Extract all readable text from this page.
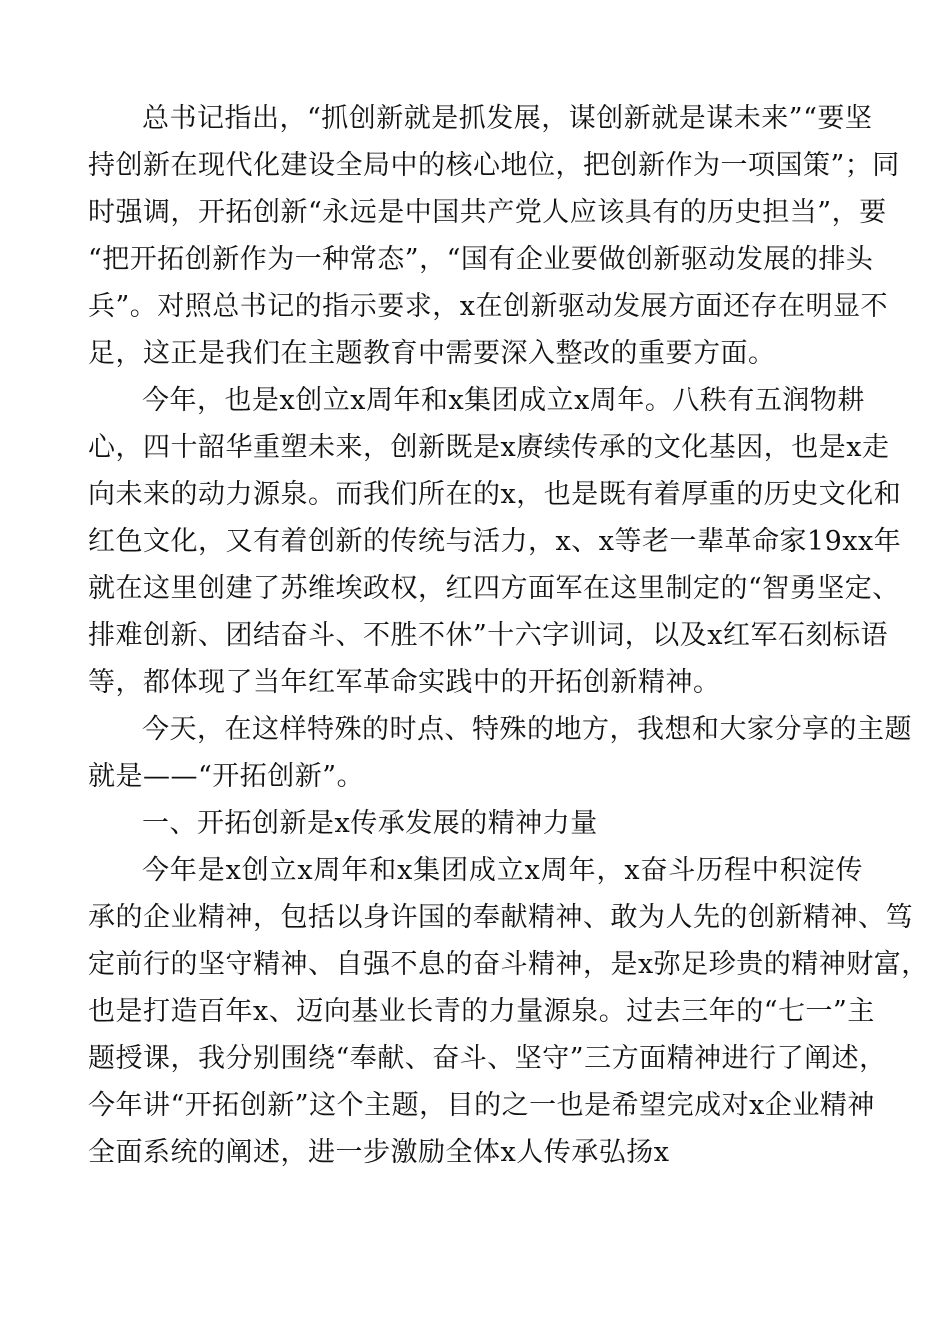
总书记指出，“抓创新就是抓发展，谋创新就是谋未来”“要坚
持创新在现代化建设全局中的核心地位，把创新作为一项国策”；同
时强调，开拓创新“永远是中国共产党人应该具有的历史担当”，要
“把开拓创新作为一种常态”，“国有企业要做创新驱动发展的排头
兵”。对照总书记的指示要求，x在创新驱动发展方面还存在明显不
足，这正是我们在主题教育中需要深入整改的重要方面。
今年，也是x创立x周年和x集团成立x周年。八秩有五润物耕
心，四十韶华重塑未来，创新既是x赓续传承的文化基因，也是x走
向未来的动力源泉。而我们所在的x，也是既有着厚重的历史文化和
红色文化，又有着创新的传统与活力，x、x等老一辈革命家19xx年
就在这里创建了苏维埃政权，红四方面军在这里制定的“智勇坚定、
排难创新、团结奋斗、不胜不休”十六字训词，以及x红军石刻标语
等，都体现了当年红军革命实践中的开拓创新精神。
今天，在这样特殊的时点、特殊的地方，我想和大家分享的主题
就是——“开拓创新”。
一、开拓创新是x传承发展的精神力量
今年是x创立x周年和x集团成立x周年，x奋斗历程中积淀传
承的企业精神，包括以身许国的奉献精神、敢为人先的创新精神、笃
定前行的坚守精神、自强不息的奋斗精神，是x弥足珍贵的精神财富，
也是打造百年x、迈向基业长青的力量源泉。过去三年的“七一”主
题授课，我分别围绕“奉献、奋斗、坚守”三方面精神进行了阐述，
今年讲“开拓创新”这个主题，目的之一也是希望完成对x企业精神
全面系统的阐述，进一步激励全体x人传承弘扬x
